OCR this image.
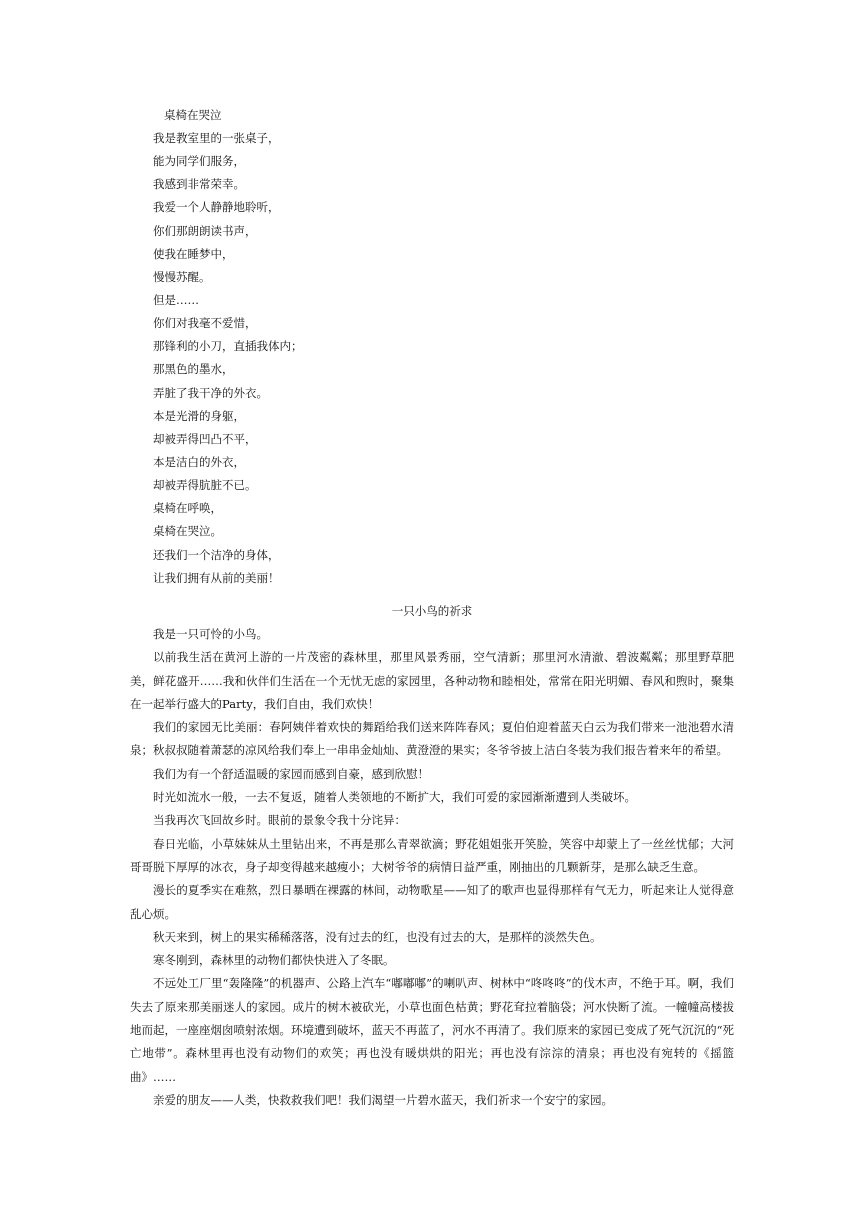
桌椅在哭泣
我是教室里的一张桌子，
能为同学们服务，
我感到非常荣幸。
我爱一个人静静地聆听，
你们那朗朗读书声，
使我在睡梦中，
慢慢苏醒。
但是……
你们对我毫不爱惜，
那锋利的小刀，直插我体内；
那黑色的墨水，
弄脏了我干净的外衣。
本是光滑的身躯，
却被弄得凹凸不平，
本是洁白的外衣，
却被弄得肮脏不已。
桌椅在呼唤，
桌椅在哭泣。
还我们一个洁净的身体，
让我们拥有从前的美丽！
一只小鸟的祈求

我是一只可怜的小鸟。

以前我生活在黄河上游的一片茂密的森林里，那里风景秀丽，空气清新；那里河水清澈、碧波粼粼；那里野草肥美，鲜花盛开……我和伙伴们生活在一个无忧无虑的家园里，各种动物和睦相处，常常在阳光明媚、春风和煦时，聚集在一起举行盛大的Party，我们自由，我们欢快！

我们的家园无比美丽：春阿姨伴着欢快的舞蹈给我们送来阵阵春风；夏伯伯迎着蓝天白云为我们带来一池池碧水清泉；秋叔叔随着萧瑟的凉风给我们奉上一串串金灿灿、黄澄澄的果实；冬爷爷披上洁白冬装为我们报告着来年的希望。

我们为有一个舒适温暖的家园而感到自豪，感到欣慰！

时光如流水一般，一去不复返，随着人类领地的不断扩大，我们可爱的家园渐渐遭到人类破坏。

当我再次飞回故乡时。眼前的景象令我十分诧异：

春日光临，小草妹妹从土里钻出来，不再是那么青翠欲滴；野花姐姐张开笑脸，笑容中却蒙上了一丝丝忧郁；大河哥哥脱下厚厚的冰衣，身子却变得越来越瘦小；大树爷爷的病情日益严重，刚抽出的几颗新芽，是那么缺乏生意。

漫长的夏季实在难熬，烈日暴晒在裸露的林间，动物歌星——知了的歌声也显得那样有气无力，听起来让人觉得意乱心烦。

秋天来到，树上的果实稀稀落落，没有过去的红，也没有过去的大，是那样的淡然失色。

寒冬刚到，森林里的动物们都快快进入了冬眠。

不远处工厂里“轰隆隆”的机器声、公路上汽车“嘟嘟嘟”的喇叭声、树林中“咚咚咚”的伐木声，不绝于耳。啊，我们失去了原来那美丽迷人的家园。成片的树木被砍光，小草也面色枯黄；野花耷拉着脑袋；河水快断了流。一幢幢高楼拔地而起，一座座烟囱喷射浓烟。环境遭到破坏，蓝天不再蓝了，河水不再清了。我们原来的家园已变成了死气沉沉的“死亡地带”。森林里再也没有动物们的欢笑；再也没有暖烘烘的阳光；再也没有淙淙的清泉；再也没有宛转的《摇篮曲》……

亲爱的朋友——人类，快救救我们吧！我们渴望一片碧水蓝天，我们祈求一个安宁的家园。
